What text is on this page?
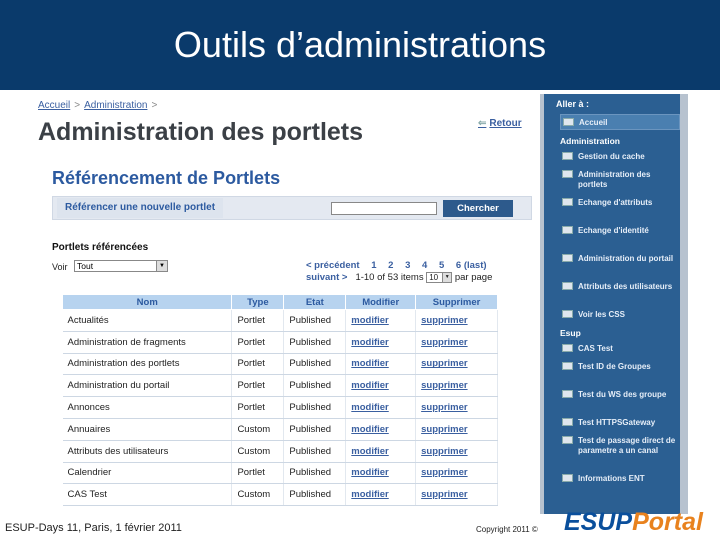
Outils d’administrations
Accueil > Administration >
Administration des portlets	⇐ Retour
Référencement de Portlets
Référencer une nouvelle portlet	Chercher
Portlets référencées
Voir	Tout	▼	< précédent 1 2 3 4 5 6 (last)
suivant > 1-10 of 53 items 10	▼ par page
Nom	Type	Etat	Modifier	Supprimer
Actualités	Portlet	Published	modifier	supprimer
Administration de fragments	Portlet	Published	modifier	supprimer
Administration des portlets	Portlet	Published	modifier	supprimer
Administration du portail	Portlet	Published	modifier	supprimer
Annonces	Portlet	Published	modifier	supprimer
Annuaires	Custom	Published	modifier	supprimer
Attributs des utilisateurs	Custom	Published	modifier	supprimer
Calendrier	Portlet	Published	modifier	supprimer
CAS Test	Custom	Published	modifier	supprimer
Aller à :
Accueil
Administration
Gestion du cache
Administration des portlets
Echange d'attributs
Echange d'identité
Administration du portail
Attributs des utilisateurs
Voir les CSS
Esup
CAS Test
Test ID de Groupes
Test du WS des groupe
Test HTTPSGateway
Test de passage direct de parametre a un canal
Informations ENT
ESUP-Days 11, Paris, 1 février 2011	Copyright 2011 © ESUPPortal
